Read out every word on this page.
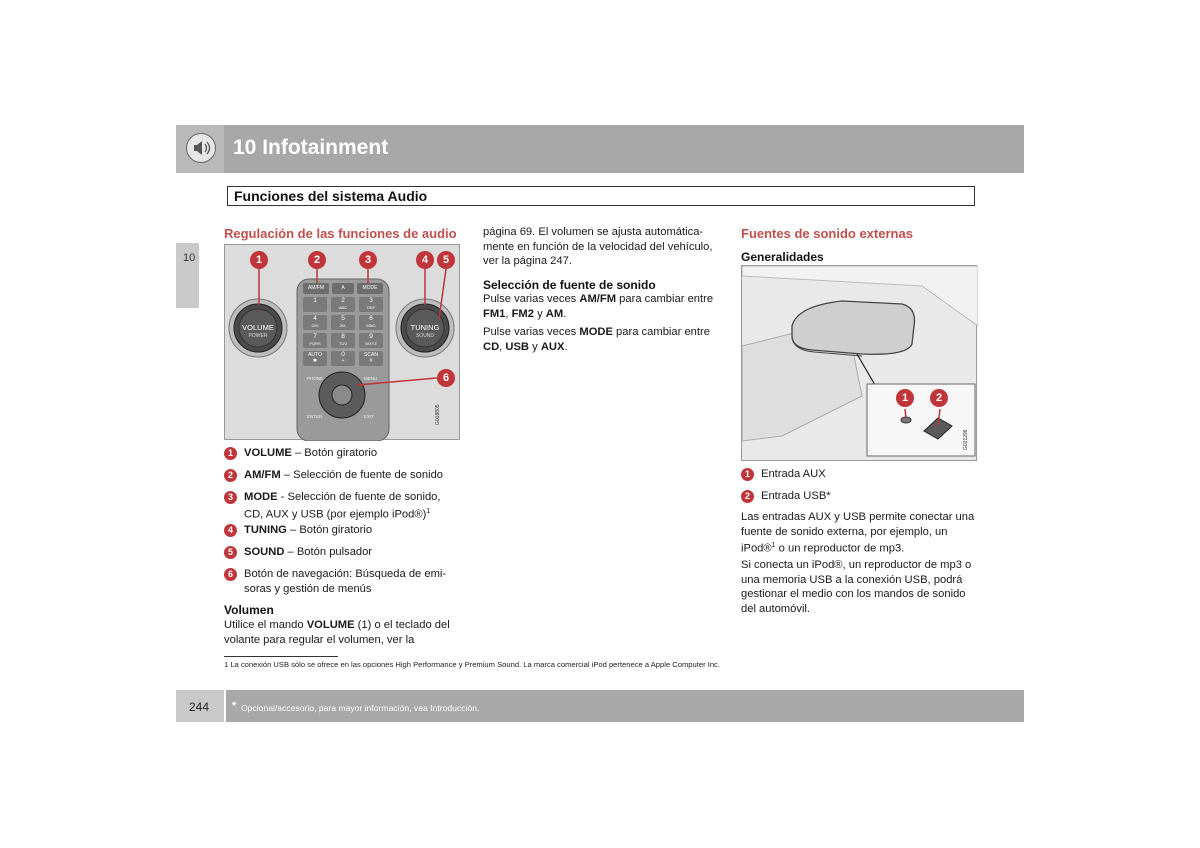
10 Infotainment
Funciones del sistema Audio
10
Regulación de las funciones de audio
VOLUME
POWER
TUNING
SOUND
AM/FM	A	MODE
1	2
ABC
3
DEF
4
GHI
5
JKL
6
MNO
7
PQRS
8
TUV
9
WXYZ
AUTO
✱
0
+
SCAN
#
PHONE	MENU
ENTER	EXIT
1	2	3	4	5
6
G018805
1 VOLUME – Botón giratorio
2 AM/FM – Selección de fuente de sonido
3 MODE - Selección de fuente de sonido,
CD, AUX y USB (por ejemplo iPod®)$^1$
4 TUNING – Botón giratorio
5 SOUND – Botón pulsador
6 Botón de navegación: Búsqueda de emi-
soras y gestión de menús
Volumen
Utilice el mando VOLUME (1) o el teclado del
volante para regular el volumen, ver la
página 69. El volumen se ajusta automática-
mente en función de la velocidad del vehículo,
ver la página 247.
Selección de fuente de sonido
Pulse varias veces AM/FM para cambiar entre
FM1, FM2 y AM.
Pulse varias veces MODE para cambiar entre
CD, USB y AUX.
Fuentes de sonido externas
Generalidades
1	2
G021296
1 Entrada AUX
2 Entrada USB*
Las entradas AUX y USB permite conectar una
fuente de sonido externa, por ejemplo, un
iPod®$^1$ o un reproductor de mp3.
Si conecta un iPod®, un reproductor de mp3 o
una memoria USB a la conexión USB, podrá
gestionar el medio con los mandos de sonido
del automóvil.
1 La conexión USB sólo se ofrece en las opciones High Performance y Premium Sound. La marca comercial iPod pertenece a Apple Computer Inc.
244 * Opcional/accesorio, para mayor información, vea Introducción.
